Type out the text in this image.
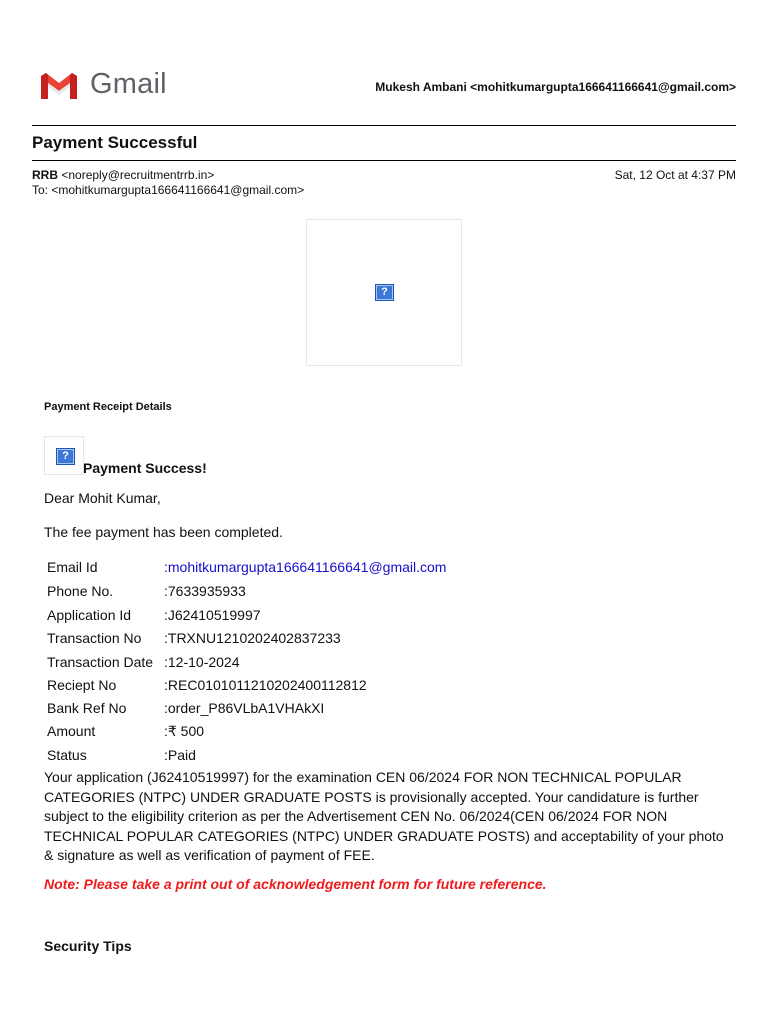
Gmail	Mukesh Ambani <mohitkumargupta166641166641@gmail.com>
Payment Successful
RRB <noreply@recruitmentrrb.in>
To: <mohitkumargupta166641166641@gmail.com>
Sat, 12 Oct at 4:37 PM
?
Payment Receipt Details
?
Payment Success!
Dear Mohit Kumar,
The fee payment has been completed.
Email Id	:mohitkumargupta166641166641@gmail.com
Phone No.	:7633935933
Application Id :J62410519997
Transaction No :TRXNU1210202402837233
Transaction Date :12-10-2024
Reciept No	:REC0101011210202400112812
Bank Ref No	:order_P86VLbA1VHAkXI
Amount	:₹ 500
Status	:Paid
Your application (J62410519997) for the examination CEN 06/2024 FOR NON TECHNICAL POPULAR CATEGORIES (NTPC) UNDER GRADUATE POSTS is provisionally accepted. Your candidature is further subject to the eligibility criterion as per the Advertisement CEN No. 06/2024(CEN 06/2024 FOR NON TECHNICAL POPULAR CATEGORIES (NTPC) UNDER GRADUATE POSTS) and acceptability of your photo & signature as well as verification of payment of FEE.
Note: Please take a print out of acknowledgement form for future reference.
Security Tips
